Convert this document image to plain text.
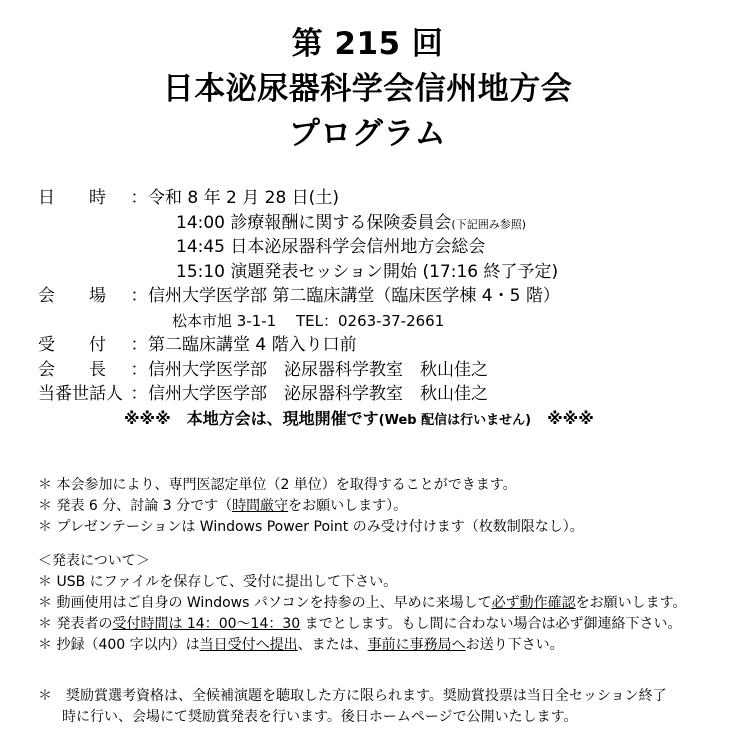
第 215 回
日本泌尿器科学会信州地方会
プログラム
日　　時 ：令和 8 年 2 月 28 日(土)
14:00 診療報酬に関する保険委員会(下記囲み参照)
14:45 日本泌尿器科学会信州地方会総会
15:10 演題発表セッション開始 (17:16 終了予定)
会　　場 ：信州大学医学部 第二臨床講堂（臨床医学棟 4・5 階）
松本市旭 3-1-1　 TEL：0263-37-2661
受　　付 ：第二臨床講堂 4 階入り口前
会　　長 ：信州大学医学部　泌尿器科学教室　秋山佳之
当番世話人 ：信州大学医学部　泌尿器科学教室　秋山佳之
※※※　本地方会は、現地開催です(Web 配信は行いません)　※※※
＊ 本会参加により、専門医認定単位（2 単位）を取得することができます。
＊ 発表 6 分、討論 3 分です（時間厳守をお願いします）。
＊ プレゼンテーションは Windows Power Point のみ受け付けます（枚数制限なし）。
＜発表について＞
＊ USB にファイルを保存して、受付に提出して下さい。
＊ 動画使用はご自身の Windows パソコンを持参の上、早めに来場して必ず動作確認をお願いします。
＊ 発表者の受付時間は 14：00～14：30 までとします。もし間に合わない場合は必ず御連絡下さい。
＊ 抄録（400 字以内）は当日受付へ提出、または、事前に事務局へお送り下さい。
＊　奨励賞選考資格は、全候補演題を聴取した方に限られます。奨励賞投票は当日全セッション終了
時に行い、会場にて奨励賞発表を行います。後日ホームページで公開いたします。
